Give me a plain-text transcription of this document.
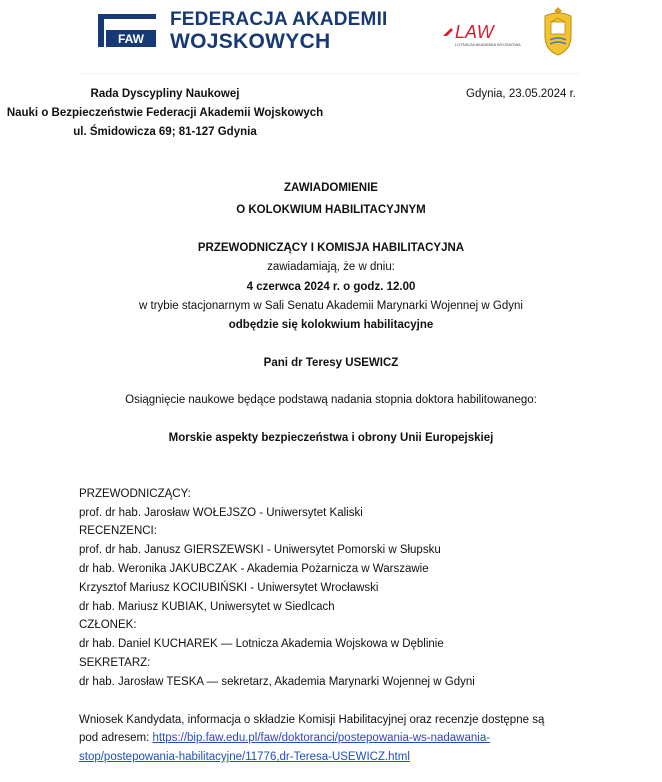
FAW
FEDERACJA AKADEMII
WOJSKOWYCH	LAW
LOTNICZA AKADEMIA WOJSKOWA
Rada Dyscypliny Naukowej
Nauki o Bezpieczeństwie Federacji Akademii Wojskowych
ul. Śmidowicza 69; 81-127 Gdynia
Gdynia, 23.05.2024 r.
ZAWIADOMIENIE
O KOLOKWIUM HABILITACYJNYM
PRZEWODNICZĄCY I KOMISJA HABILITACYJNA
zawiadamiają, że w dniu:
4 czerwca 2024 r. o godz. 12.00
w trybie stacjonarnym w Sali Senatu Akademii Marynarki Wojennej w Gdyni
odbędzie się kolokwium habilitacyjne
Pani dr Teresy USEWICZ
Osiągnięcie naukowe będące podstawą nadania stopnia doktora habilitowanego:
Morskie aspekty bezpieczeństwa i obrony Unii Europejskiej
PRZEWODNICZĄCY:
prof. dr hab. Jarosław WOŁEJSZO - Uniwersytet Kaliski
RECENZENCI:
prof. dr hab. Janusz GIERSZEWSKI - Uniwersytet Pomorski w Słupsku
dr hab. Weronika JAKUBCZAK - Akademia Pożarnicza w Warszawie
Krzysztof Mariusz KOCIUBIŃSKI - Uniwersytet Wrocławski
dr hab. Mariusz KUBIAK, Uniwersytet w Siedlcach
CZŁONEK:
dr hab. Daniel KUCHAREK — Lotnicza Akademia Wojskowa w Dęblinie
SEKRETARZ:
dr hab. Jarosław TESKA — sekretarz, Akademia Marynarki Wojennej w Gdyni
Wniosek Kandydata, informacja o składzie Komisji Habilitacyjnej oraz recenzje dostępne są
pod adresem: https://bip.faw.edu.pl/faw/doktoranci/postepowania-ws-nadawania-
stop/postepowania-habilitacyjne/11776,dr-Teresa-USEWICZ.html
